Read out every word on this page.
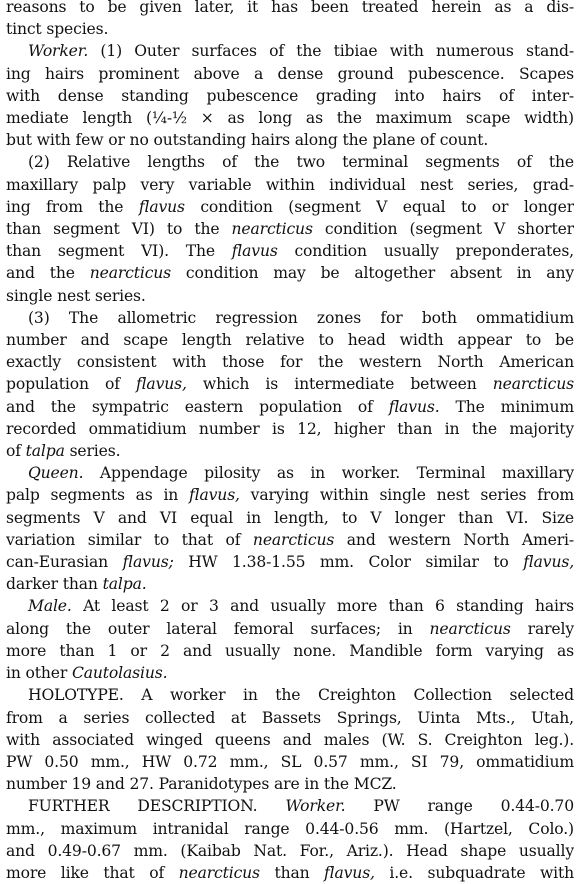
reasons to be given later, it has been treated herein as a dis-
tinct species.
Worker. (1) Outer surfaces of the tibiae with numerous stand-
ing hairs prominent above a dense ground pubescence. Scapes
with dense standing pubescence grading into hairs of inter-
mediate length (¼-½ × as long as the maximum scape width)
but with few or no outstanding hairs along the plane of count.
(2) Relative lengths of the two terminal segments of the
maxillary palp very variable within individual nest series, grad-
ing from the flavus condition (segment V equal to or longer
than segment VI) to the nearcticus condition (segment V shorter
than segment VI). The flavus condition usually preponderates,
and the nearcticus condition may be altogether absent in any
single nest series.
(3) The allometric regression zones for both ommatidium
number and scape length relative to head width appear to be
exactly consistent with those for the western North American
population of flavus, which is intermediate between nearcticus
and the sympatric eastern population of flavus. The minimum
recorded ommatidium number is 12, higher than in the majority
of talpa series.
Queen. Appendage pilosity as in worker. Terminal maxillary
palp segments as in flavus, varying within single nest series from
segments V and VI equal in length, to V longer than VI. Size
variation similar to that of nearcticus and western North Ameri-
can-Eurasian flavus; HW 1.38-1.55 mm. Color similar to flavus,
darker than talpa.
Male. At least 2 or 3 and usually more than 6 standing hairs
along the outer lateral femoral surfaces; in nearcticus rarely
more than 1 or 2 and usually none. Mandible form varying as
in other Cautolasius.
HOLOTYPE. A worker in the Creighton Collection selected
from a series collected at Bassets Springs, Uinta Mts., Utah,
with associated winged queens and males (W. S. Creighton leg.).
PW 0.50 mm., HW 0.72 mm., SL 0.57 mm., SI 79, ommatidium
number 19 and 27. Paranidotypes are in the MCZ.
FURTHER DESCRIPTION. Worker. PW range 0.44-0.70
mm., maximum intranidal range 0.44-0.56 mm. (Hartzel, Colo.)
and 0.49-0.67 mm. (Kaibab Nat. For., Ariz.). Head shape usually
more like that of nearcticus than flavus, i.e. subquadrate with
